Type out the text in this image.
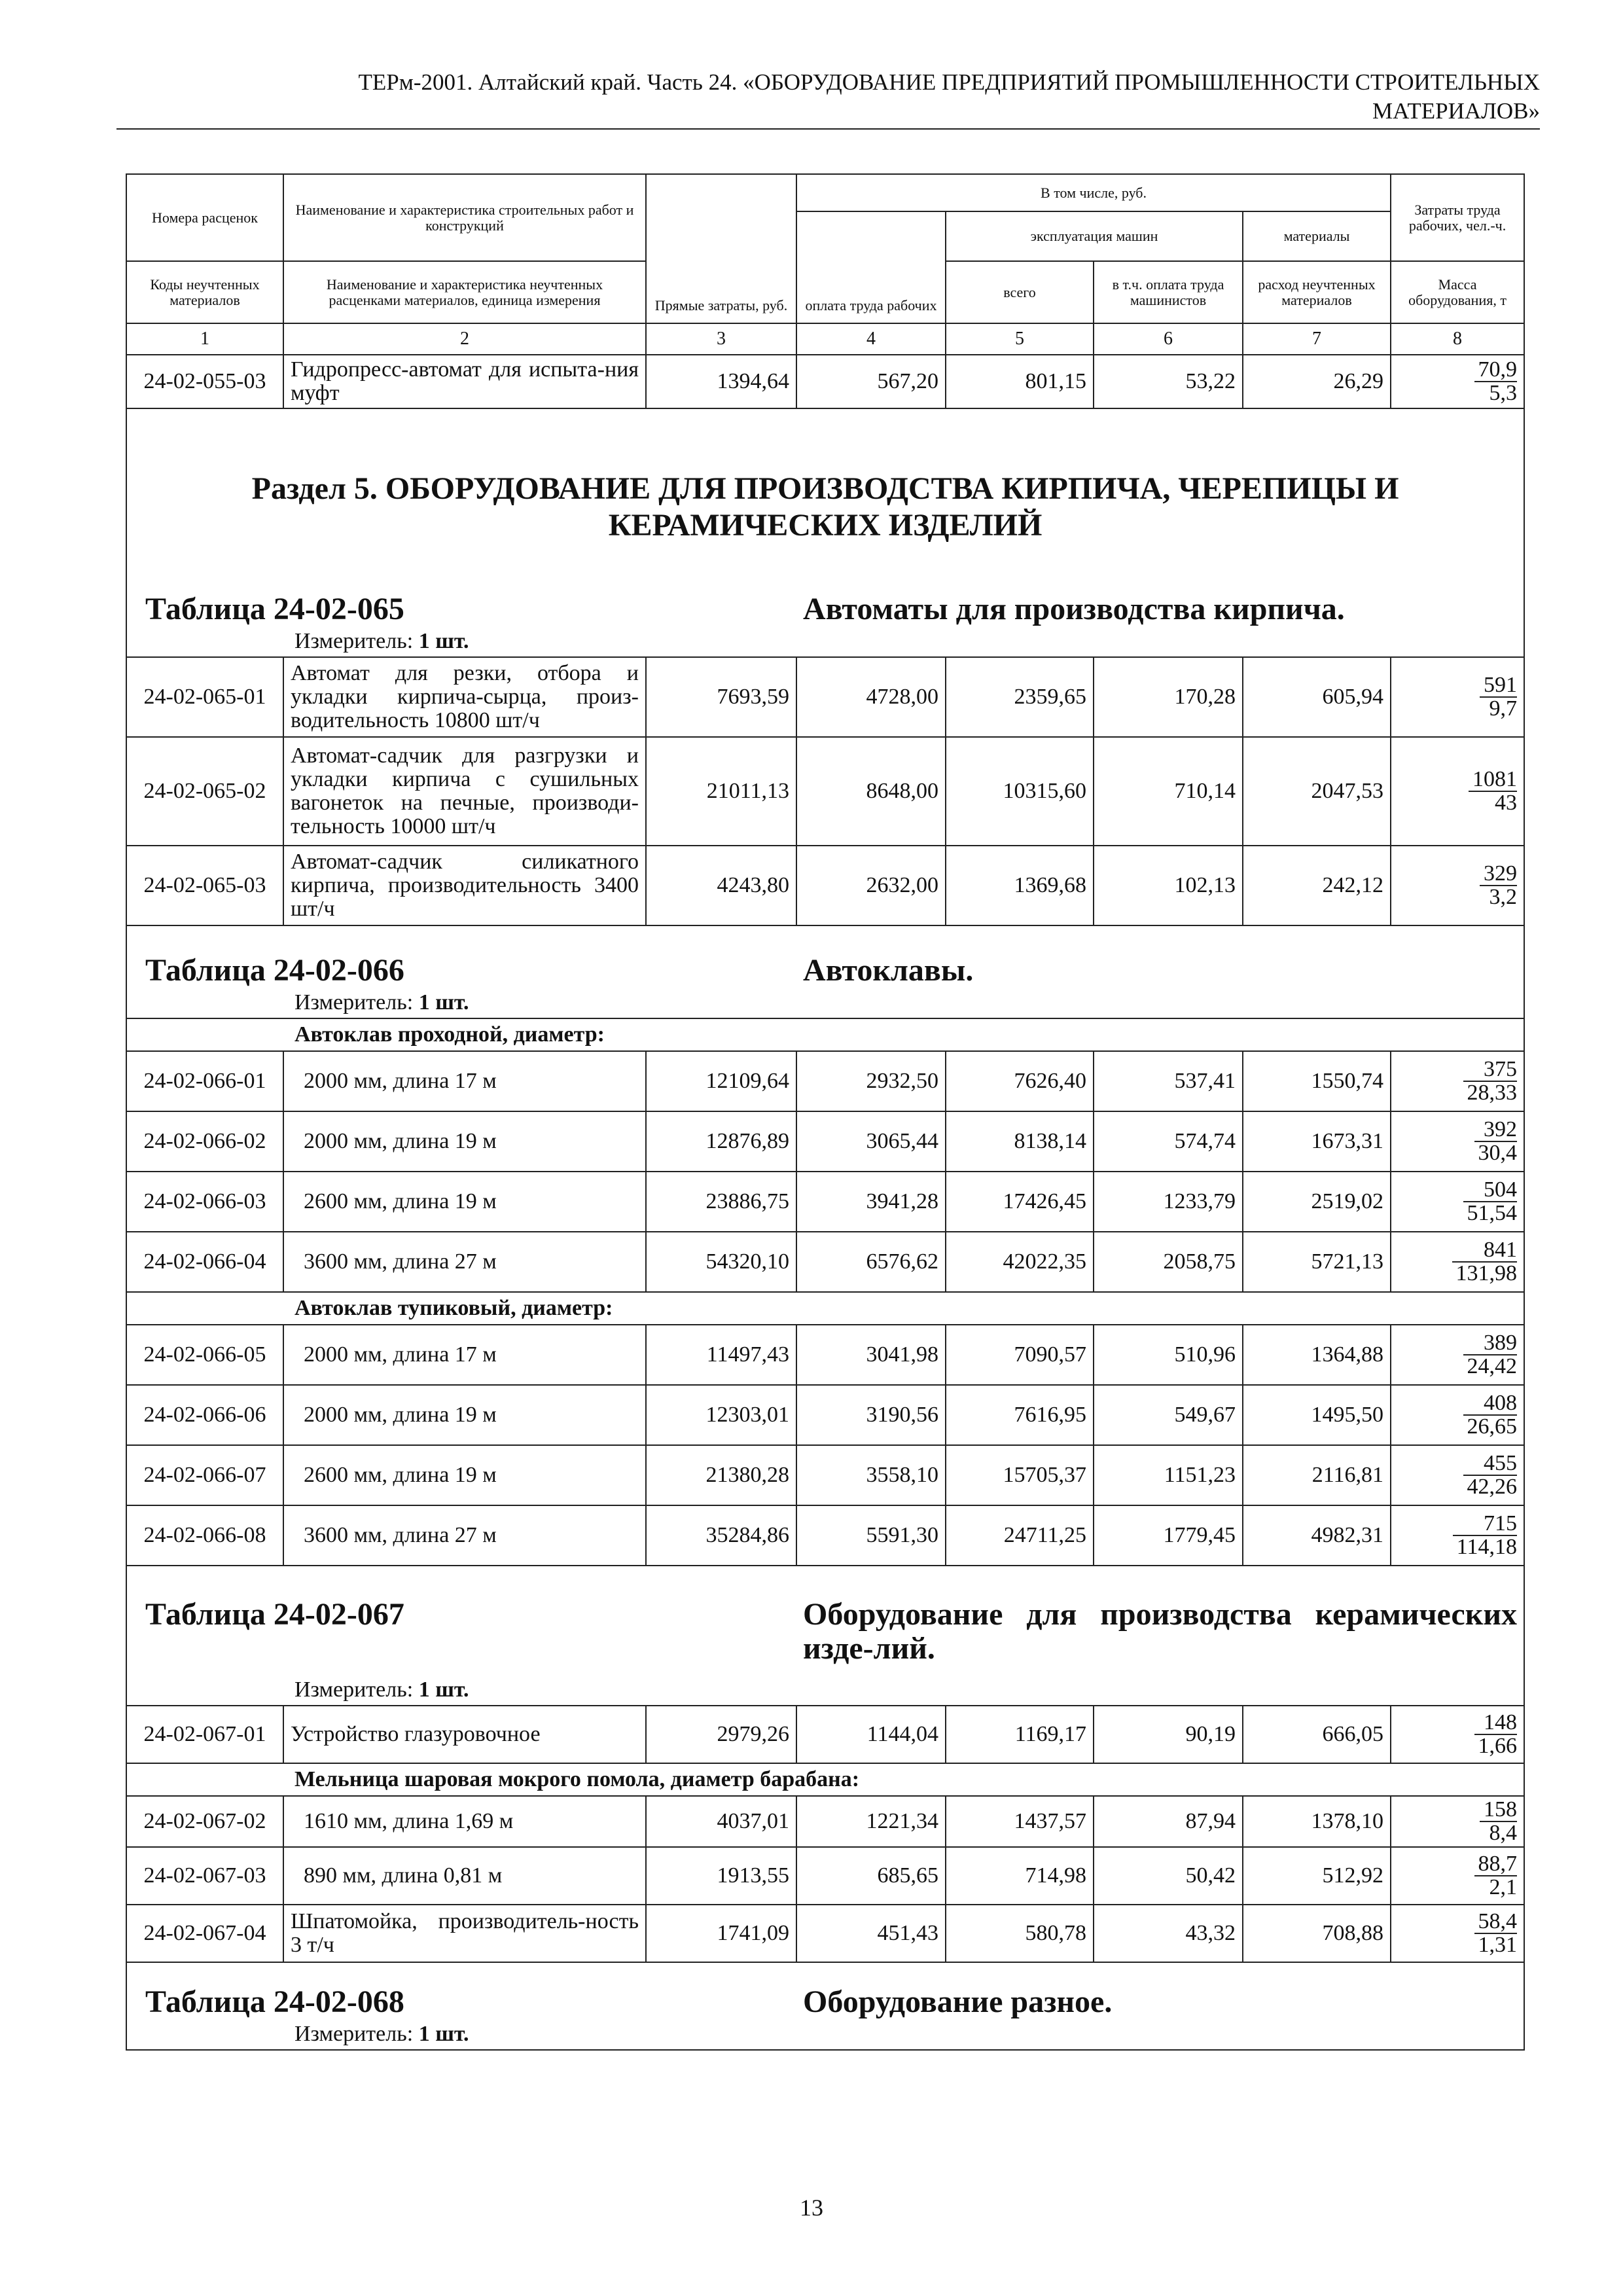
ТЕРм-2001. Алтайский край. Часть 24. «ОБОРУДОВАНИЕ ПРЕДПРИЯТИЙ ПРОМЫШЛЕННОСТИ СТРОИТЕЛЬНЫХ
МАТЕРИАЛОВ»
Номера расценок	Наименование и характеристика строительных работ и конструкций	Прямые затраты, руб.	В том числе, руб.				Затраты труда рабочих, чел.-ч.
			оплата труда рабочих	эксплуатация машин		материалы	
Коды неучтенных материалов	Наименование и характеристика неучтенных расценками материалов, единица измерения			всего	в т.ч. оплата труда машинистов	расход неучтенных материалов	Масса оборудования, т
1	2	3	4	5	6	7	8
24-02-055-03	Гидропресс-автомат для испыта-ния муфт	1394,64	567,20	801,15	53,22	26,29	$\frac{70,9}{5,3}$

Раздел 5. ОБОРУДОВАНИЕ ДЛЯ ПРОИЗВОДСТВА КИРПИЧА, ЧЕРЕПИЦЫ И
КЕРАМИЧЕСКИХ ИЗДЕЛИЙ							

Таблица 24-02-065			Автоматы для производства кирпича.				
Измеритель: 1 шт.							
24-02-065-01	Автомат для резки, отбора и укладки кирпича-сырца, произ-водительность 10800 шт/ч	7693,59	4728,00	2359,65	170,28	605,94	$\frac{591}{9,7}$

24-02-065-02	Автомат-садчик для разгрузки и укладки кирпича с сушильных вагонеток на печные, производи-тельность 10000 шт/ч	21011,13	8648,00	10315,60	710,14	2047,53	$\frac{1081}{43}$

24-02-065-03	Автомат-садчик силикатного кирпича, производительность 3400 шт/ч	4243,80	2632,00	1369,68	102,13	242,12	$\frac{329}{3,2}$

Таблица 24-02-066			Автоклавы.				
Измеритель: 1 шт.							
Автоклав проходной, диаметр:							
24-02-066-01	2000 мм, длина 17 м	12109,64	2932,50	7626,40	537,41	1550,74	$\frac{375}{28,33}$

24-02-066-02	2000 мм, длина 19 м	12876,89	3065,44	8138,14	574,74	1673,31	$\frac{392}{30,4}$

24-02-066-03	2600 мм, длина 19 м	23886,75	3941,28	17426,45	1233,79	2519,02	$\frac{504}{51,54}$

24-02-066-04	3600 мм, длина 27 м	54320,10	6576,62	42022,35	2058,75	5721,13	$\frac{841}{131,98}$

Автоклав тупиковый, диаметр:							
24-02-066-05	2000 мм, длина 17 м	11497,43	3041,98	7090,57	510,96	1364,88	$\frac{389}{24,42}$

24-02-066-06	2000 мм, длина 19 м	12303,01	3190,56	7616,95	549,67	1495,50	$\frac{408}{26,65}$

24-02-066-07	2600 мм, длина 19 м	21380,28	3558,10	15705,37	1151,23	2116,81	$\frac{455}{42,26}$

24-02-066-08	3600 мм, длина 27 м	35284,86	5591,30	24711,25	1779,45	4982,31	$\frac{715}{114,18}$

Таблица 24-02-067			Оборудование для производства керамических изде-лий.				
Измеритель: 1 шт.							
24-02-067-01	Устройство глазуровочное	2979,26	1144,04	1169,17	90,19	666,05	$\frac{148}{1,66}$

Мельница шаровая мокрого помола, диаметр барабана:							
24-02-067-02	1610 мм, длина 1,69 м	4037,01	1221,34	1437,57	87,94	1378,10	$\frac{158}{8,4}$

24-02-067-03	890 мм, длина 0,81 м	1913,55	685,65	714,98	50,42	512,92	$\frac{88,7}{2,1}$

24-02-067-04	Шпатомойка, производитель-ность 3 т/ч	1741,09	451,43	580,78	43,32	708,88	$\frac{58,4}{1,31}$

Таблица 24-02-068			Оборудование разное.				
Измеритель: 1 шт.							
13
